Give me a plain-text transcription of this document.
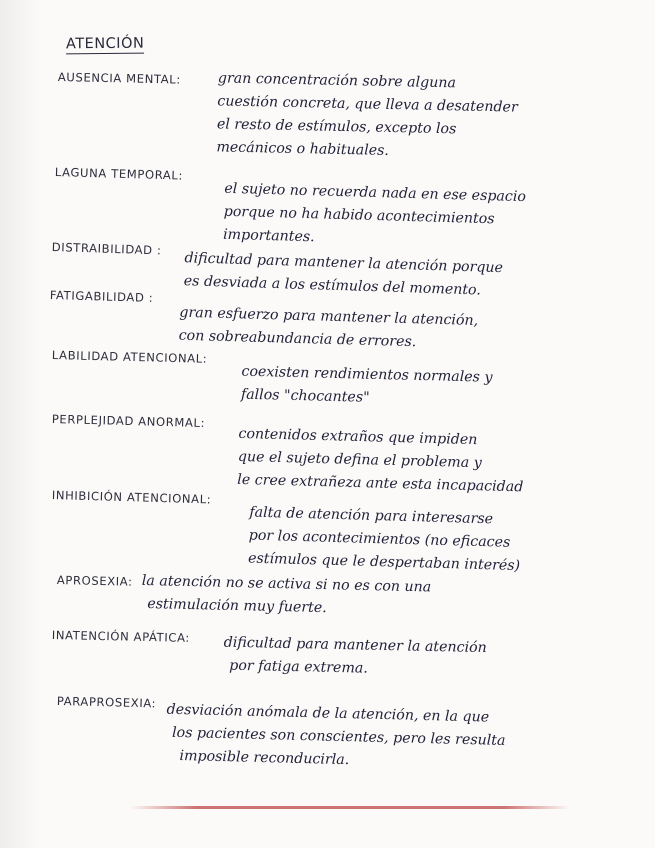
ATENCIÓN
AUSENCIA MENTAL:	gran concentración sobre alguna
cuestión concreta, que lleva a desatender
el resto de estímulos, excepto los
mecánicos o habituales.
LAGUNA TEMPORAL:
el sujeto no recuerda nada en ese espacio
porque no ha habido acontecimientos
importantes.
DISTRAIBILIDAD :
dificultad para mantener la atención porque
es desviada a los estímulos del momento.
FATIGABILIDAD :
gran esfuerzo para mantener la atención,
con sobreabundancia de errores.
LABILIDAD ATENCIONAL:
coexisten rendimientos normales y
fallos "chocantes"
PERPLEJIDAD ANORMAL:
contenidos extraños que impiden
que el sujeto defina el problema y
le cree extrañeza ante esta incapacidad
INHIBICIÓN ATENCIONAL:
falta de atención para interesarse
por los acontecimientos (no eficaces
estímulos que le despertaban interés)
APROSEXIA: la atención no se activa si no es con una
estimulación muy fuerte.
INATENCIÓN APÁTICA: dificultad para mantener la atención
por fatiga extrema.
PARAPROSEXIA: desviación anómala de la atención, en la que
los pacientes son conscientes, pero les resulta
imposible reconducirla.
